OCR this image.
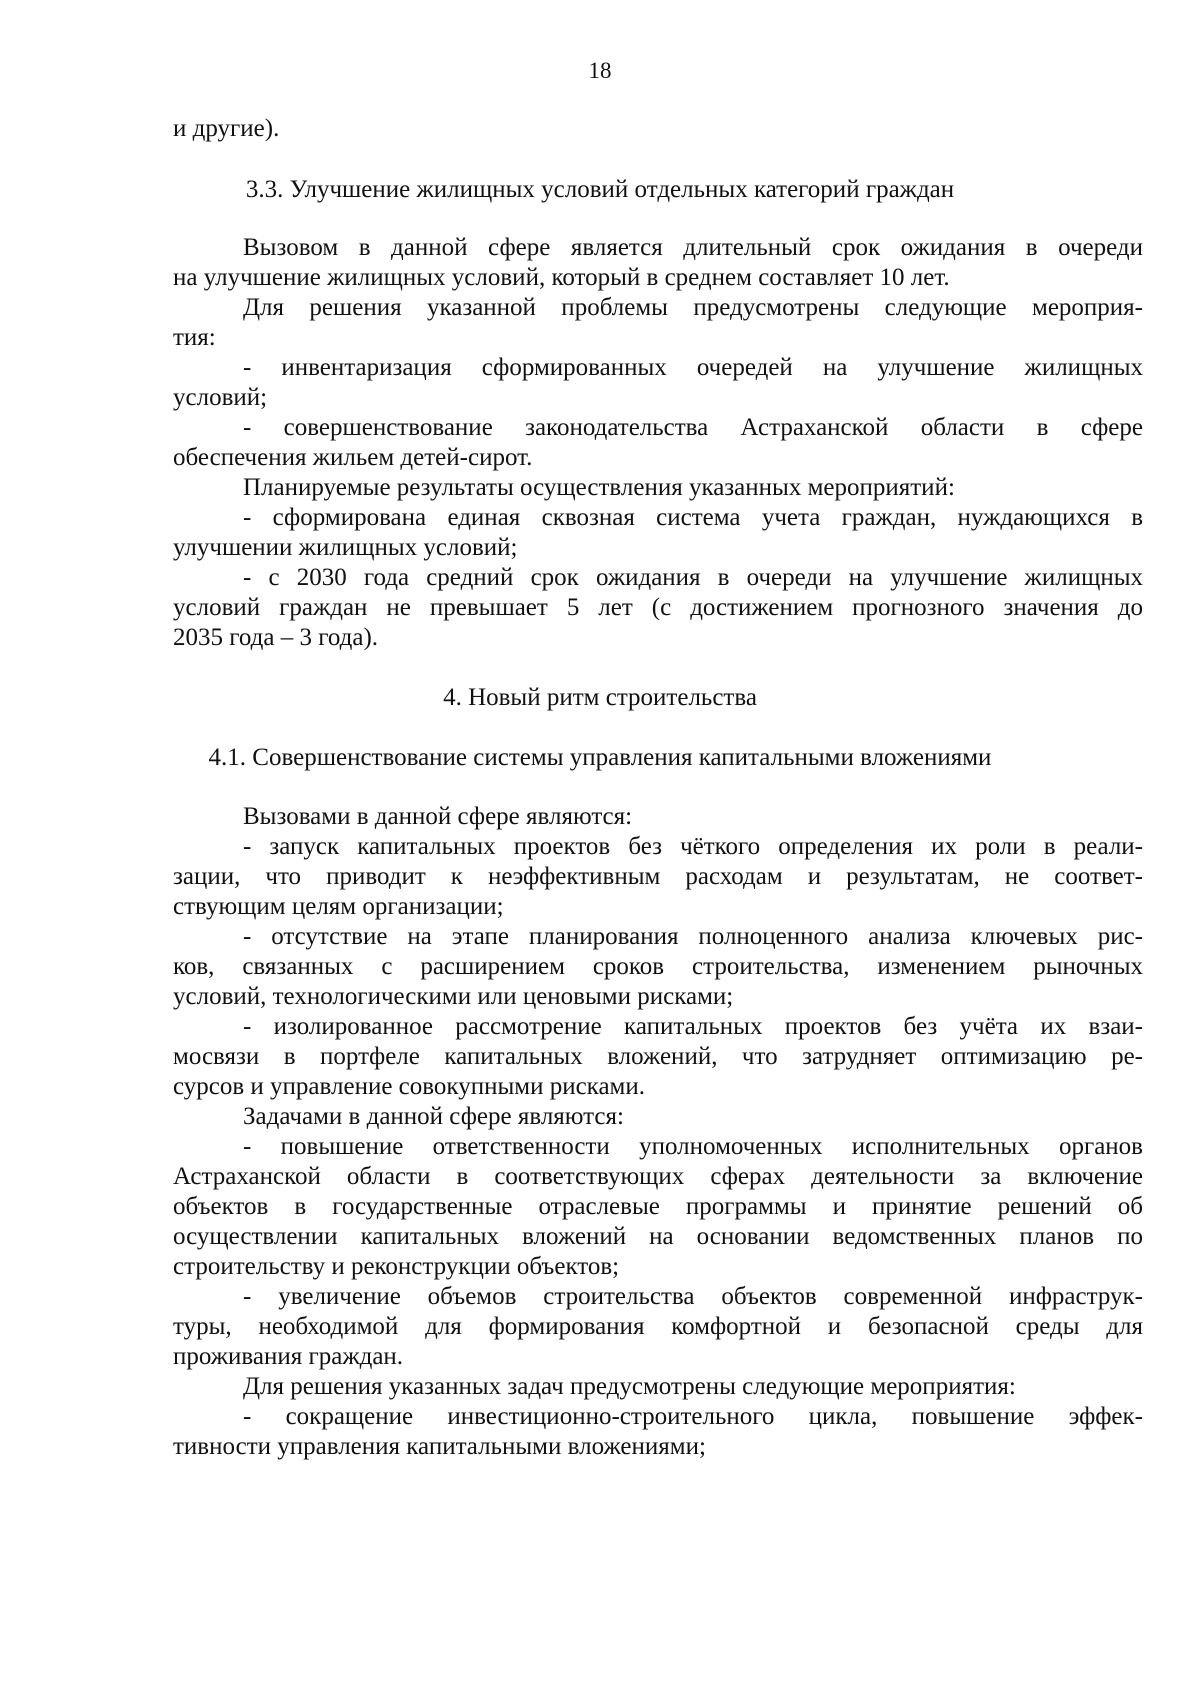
18
и другие).
3.3. Улучшение жилищных условий отдельных категорий граждан
Вызовом в данной сфере является длительный срок ожидания в очереди
на улучшение жилищных условий, который в среднем составляет 10 лет.
Для решения указанной проблемы предусмотрены следующие мероприя-
тия:
- инвентаризация сформированных очередей на улучшение жилищных
условий;
- совершенствование законодательства Астраханской области в сфере
обеспечения жильем детей-сирот.
Планируемые результаты осуществления указанных мероприятий:
- сформирована единая сквозная система учета граждан, нуждающихся в
улучшении жилищных условий;
- с 2030 года средний срок ожидания в очереди на улучшение жилищных
условий граждан не превышает 5 лет (с достижением прогнозного значения до
2035 года – 3 года).
4. Новый ритм строительства
4.1. Совершенствование системы управления капитальными вложениями
Вызовами в данной сфере являются:
- запуск капитальных проектов без чёткого определения их роли в реали-
зации, что приводит к неэффективным расходам и результатам, не соответ-
ствующим целям организации;
- отсутствие на этапе планирования полноценного анализа ключевых рис-
ков, связанных с расширением сроков строительства, изменением рыночных
условий, технологическими или ценовыми рисками;
- изолированное рассмотрение капитальных проектов без учёта их взаи-
мосвязи в портфеле капитальных вложений, что затрудняет оптимизацию ре-
сурсов и управление совокупными рисками.
Задачами в данной сфере являются:
- повышение ответственности уполномоченных исполнительных органов
Астраханской области в соответствующих сферах деятельности за включение
объектов в государственные отраслевые программы и принятие решений об
осуществлении капитальных вложений на основании ведомственных планов по
строительству и реконструкции объектов;
- увеличение объемов строительства объектов современной инфраструк-
туры, необходимой для формирования комфортной и безопасной среды для
проживания граждан.
Для решения указанных задач предусмотрены следующие мероприятия:
- сокращение инвестиционно-строительного цикла, повышение эффек-
тивности управления капитальными вложениями;
